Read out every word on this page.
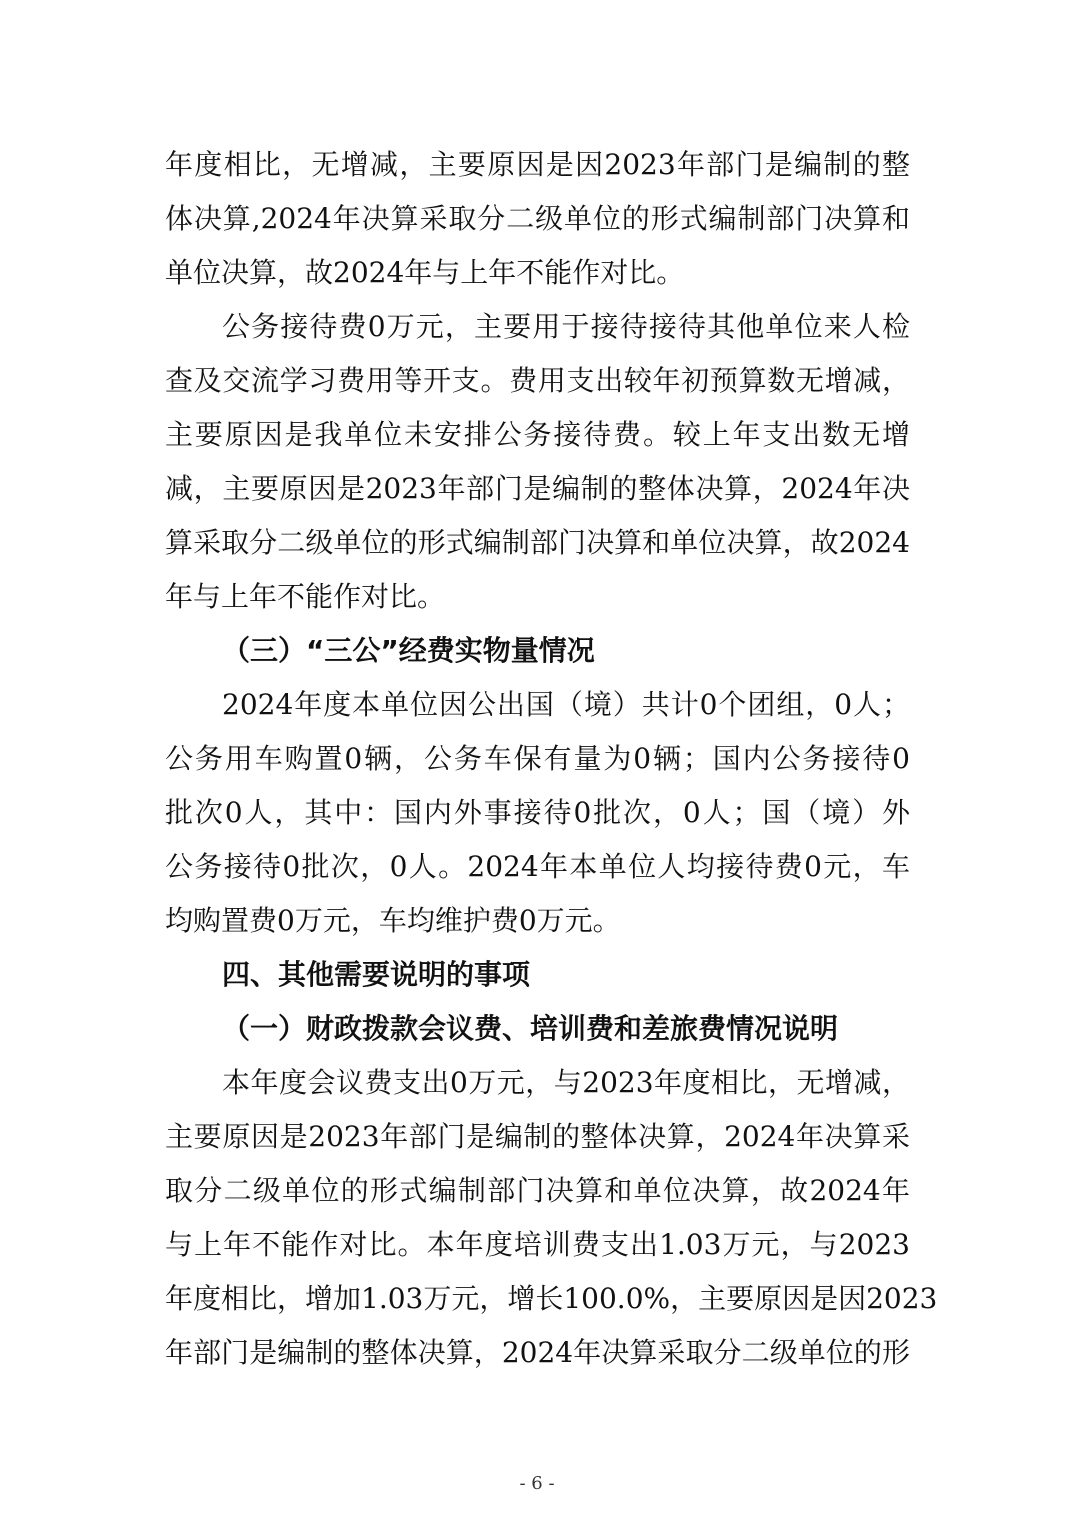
年度相比，无增减，主要原因是因2023年部门是编制的整
体决算,2024年决算采取分二级单位的形式编制部门决算和
单位决算，故2024年与上年不能作对比。
公务接待费0万元，主要用于接待接待其他单位来人检
查及交流学习费用等开支。费用支出较年初预算数无增减，
主要原因是我单位未安排公务接待费。较上年支出数无增
减，主要原因是2023年部门是编制的整体决算，2024年决
算采取分二级单位的形式编制部门决算和单位决算，故2024
年与上年不能作对比。
（三）“三公”经费实物量情况
2024年度本单位因公出国（境）共计0个团组，0人；
公务用车购置0辆，公务车保有量为0辆；国内公务接待0
批次0人，其中：国内外事接待0批次，0人；国（境）外
公务接待0批次，0人。2024年本单位人均接待费0元，车
均购置费0万元，车均维护费0万元。
四、其他需要说明的事项
（一）财政拨款会议费、培训费和差旅费情况说明
本年度会议费支出0万元，与2023年度相比，无增减，
主要原因是2023年部门是编制的整体决算，2024年决算采
取分二级单位的形式编制部门决算和单位决算，故2024年
与上年不能作对比。本年度培训费支出1.03万元，与2023
年度相比，增加1.03万元，增长100.0%，主要原因是因2023
年部门是编制的整体决算，2024年决算采取分二级单位的形
- 6 -
